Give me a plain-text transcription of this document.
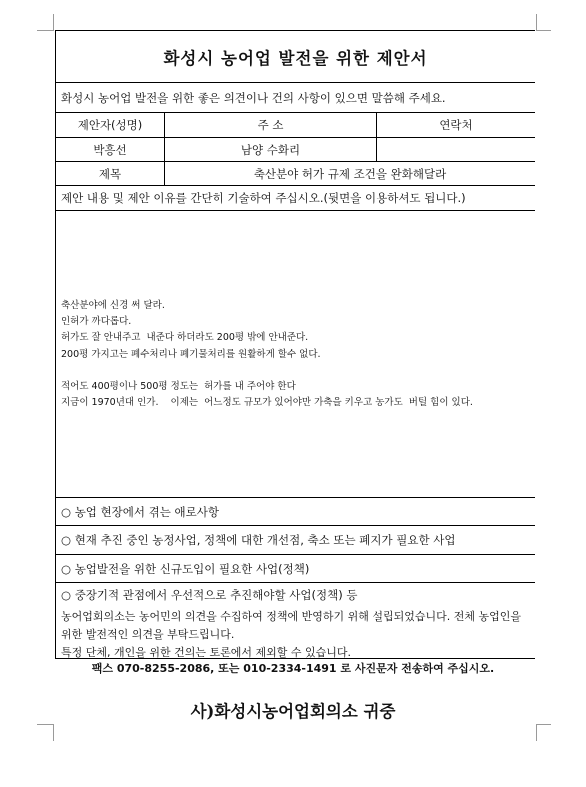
화성시 농어업 발전을 위한 제안서
화성시 농어업 발전을 위한 좋은 의견이나 건의 사항이 있으면 말씀해 주세요.
제안자(성명)	주 소	연락처
박흥선	남양 수화리
제목	축산분야 허가 규제 조건을 완화해달라
제안 내용 및 제안 이유를 간단히 기술하여 주십시오.(뒷면을 이용하셔도 됩니다.)
축산분야에 신경 써 달라.
인허가 까다롭다.
허가도 잘 안내주고  내준다 하더라도 200평 밖에 안내준다.
200평 가지고는 폐수처리나 폐기물처리를 원활하게 할수 없다.
적어도 400평이나 500평 정도는  허가를 내 주어야 한다
지금이 1970년대 인가.    이제는  어느정도 규모가 있어야만 가축을 키우고 농가도  버틸 힘이 있다.
○ 농업 현장에서 겪는 애로사항
○ 현재 추진 중인 농정사업, 정책에 대한 개선점, 축소 또는 폐지가 필요한 사업
○ 농업발전을 위한 신규도입이 필요한 사업(정책)
○ 중장기적 관점에서 우선적으로 추진해야할 사업(정책) 등
농어업회의소는 농어민의 의견을 수집하여 정책에 반영하기 위해 설립되었습니다. 전체 농업인을 위한 발전적인 의견을 부탁드립니다.
특정 단체, 개인을 위한 건의는 토론에서 제외할 수 있습니다.
팩스 070-8255-2086, 또는 010-2334-1491 로 사진문자 전송하여 주십시오.
사)화성시농어업회의소 귀중
